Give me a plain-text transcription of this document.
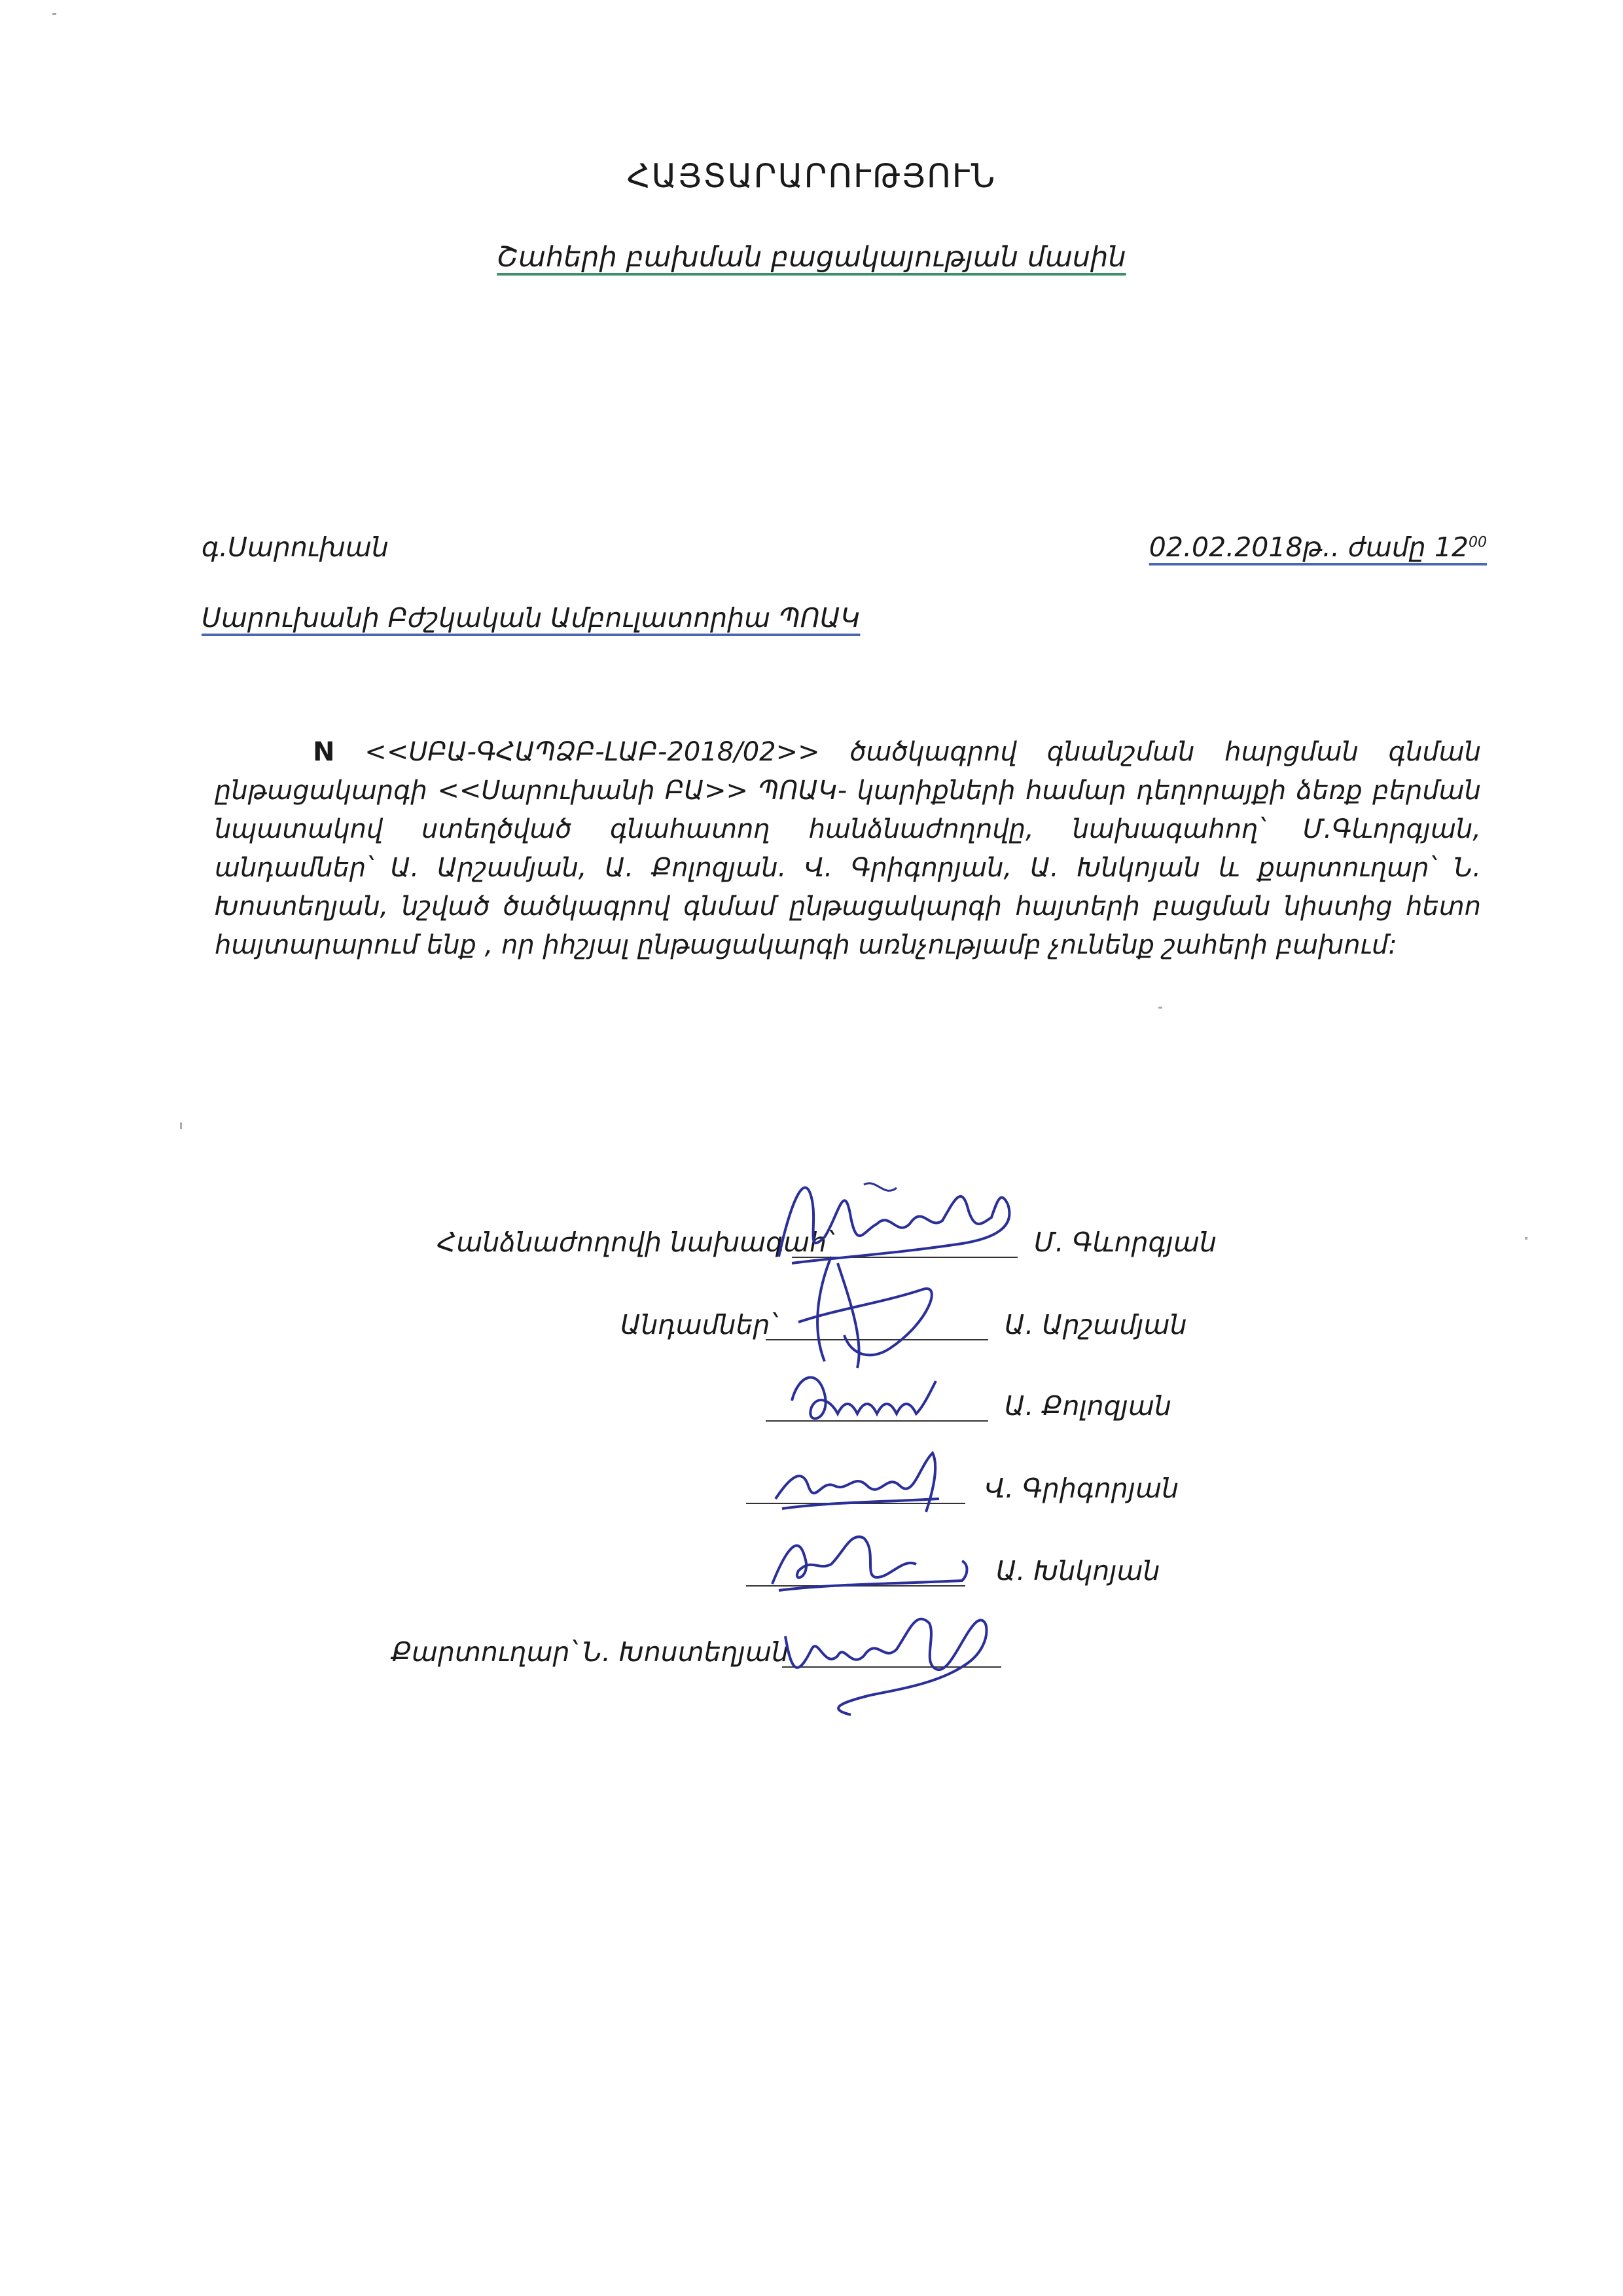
ՀԱՅՏԱՐԱՐՈՒԹՅՈՒՆ
Շահերի բախման բացակայության մասին
գ.Սարուխան	02.02.2018թ.. ժամը $12^{00}$
Սարուխանի Բժշկական Ամբուլատորիա ՊՈԱԿ
N <<ՍԲԱ-ԳՀԱՊՁԲ-ԼԱԲ-2018/02>> ծածկագրով գնանշման հարցման գնման ընթացակարգի <<Սարուխանի ԲԱ>> ՊՈԱԿ- կարիքների համար դեղորայքի ձեռք բերման նպատակով ստեղծված գնահատող հանձնաժողովը, նախագահող՝ Մ.Գևորգյան, անդամներ՝ Ա. Արշամյան, Ա. Քոլոզյան. Վ. Գրիգորյան, Ա. Խնկոյան և քարտուղար՝ Ն. Խոստեղյան, նշված ծածկագրով գնմամ ընթացակարգի հայտերի բացման նիստից հետո հայտարարում ենք , որ իհշյալ ընթացակարգի առնչությամբ չունենք շահերի բախում:
Հանձնաժողովի նախագահ՝	Մ. Գևորգյան
Անդամներ՝	Ա. Արշամյան
Ա. Քոլոզյան
Վ. Գրիգորյան
Ա. Խնկոյան
Քարտուղար՝ Ն. Խոստեղյան
